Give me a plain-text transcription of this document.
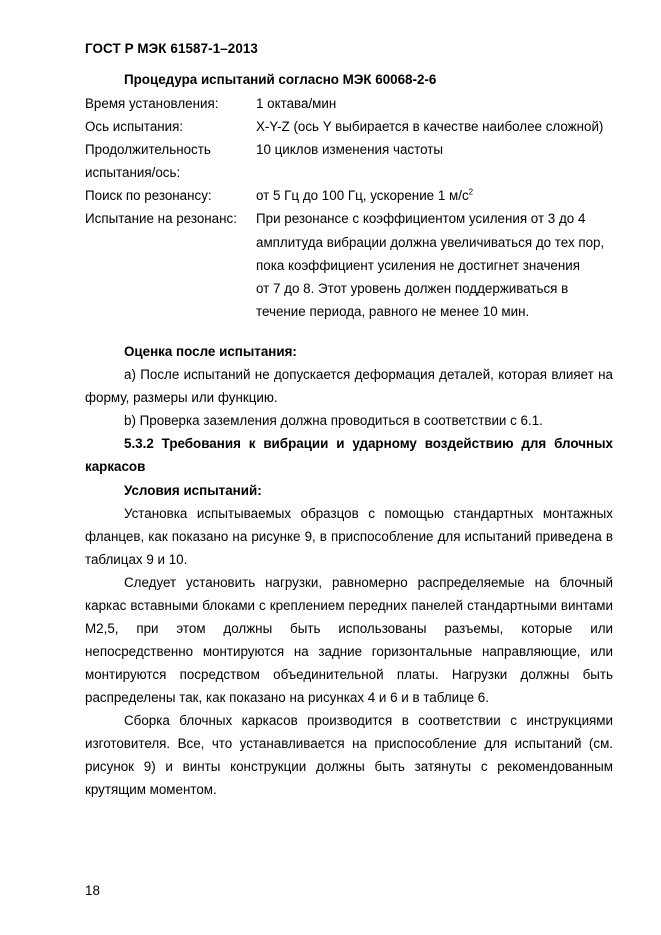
ГОСТ Р МЭК 61587-1–2013
Процедура испытаний согласно МЭК 60068-2-6
Время установления:	1 октава/мин
Ось испытания:	X-Y-Z (ось Y выбирается в качестве наиболее сложной)
Продолжительность	10 циклов изменения частоты
испытания/ось:
Поиск по резонансу:	от 5 Гц до 100 Гц, ускорение 1 $м/с^2$
Испытание на резонанс: При резонансе с коэффициентом усиления от 3 до 4
амплитуда вибрации должна увеличиваться до тех пор,
пока коэффициент усиления не достигнет значения
от 7 до 8. Этот уровень должен поддерживаться в
течение периода, равного не менее 10 мин.
Оценка после испытания:
а) После испытаний не допускается деформация деталей, которая влияет на
форму, размеры или функцию.
b) Проверка заземления должна проводиться в соответствии с 6.1.
5.3.2 Требования к вибрации и ударному воздействию для блочных
каркасов
Условия испытаний:
Установка испытываемых образцов с помощью стандартных монтажных
фланцев, как показано на рисунке 9, в приспособление для испытаний приведена в
таблицах 9 и 10.
Следует установить нагрузки, равномерно распределяемые на блочный
каркас вставными блоками с креплением передних панелей стандартными винтами
М2,5, при этом должны быть использованы разъемы, которые или
непосредственно монтируются на задние горизонтальные направляющие, или
монтируются посредством объединительной платы. Нагрузки должны быть
распределены так, как показано на рисунках 4 и 6 и в таблице 6.
Сборка блочных каркасов производится в соответствии с инструкциями
изготовителя. Все, что устанавливается на приспособление для испытаний (см.
рисунок 9) и винты конструкции должны быть затянуты с рекомендованным
крутящим моментом.
18
